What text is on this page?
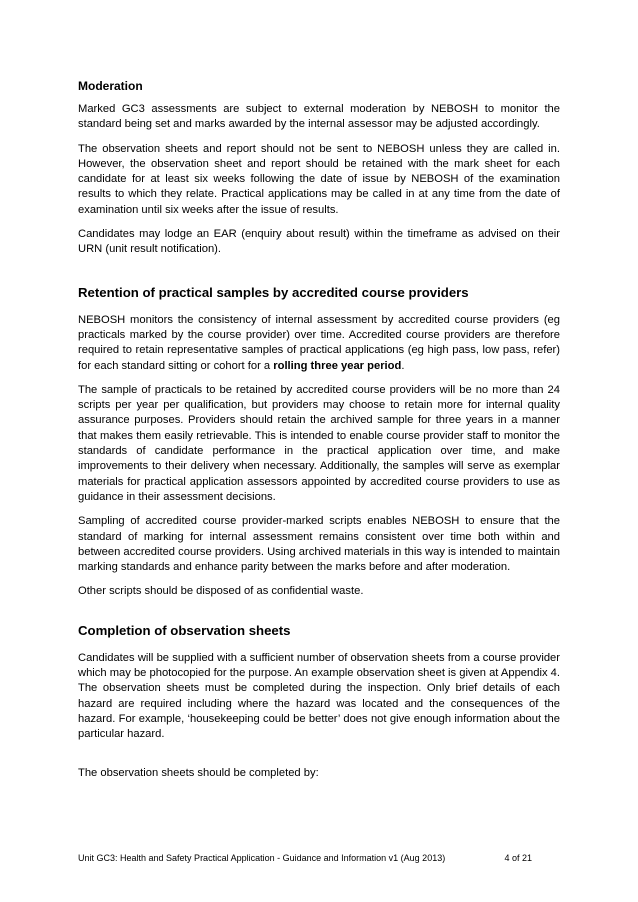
Moderation

Marked GC3 assessments are subject to external moderation by NEBOSH to monitor the standard being set and marks awarded by the internal assessor may be adjusted accordingly.

The observation sheets and report should not be sent to NEBOSH unless they are called in. However, the observation sheet and report should be retained with the mark sheet for each candidate for at least six weeks following the date of issue by NEBOSH of the examination results to which they relate. Practical applications may be called in at any time from the date of examination until six weeks after the issue of results.

Candidates may lodge an EAR (enquiry about result) within the timeframe as advised on their URN (unit result notification).

Retention of practical samples by accredited course providers

NEBOSH monitors the consistency of internal assessment by accredited course providers (eg practicals marked by the course provider) over time. Accredited course providers are therefore required to retain representative samples of practical applications (eg high pass, low pass, refer) for each standard sitting or cohort for a rolling three year period.

The sample of practicals to be retained by accredited course providers will be no more than 24 scripts per year per qualification, but providers may choose to retain more for internal quality assurance purposes. Providers should retain the archived sample for three years in a manner that makes them easily retrievable. This is intended to enable course provider staff to monitor the standards of candidate performance in the practical application over time, and make improvements to their delivery when necessary. Additionally, the samples will serve as exemplar materials for practical application assessors appointed by accredited course providers to use as guidance in their assessment decisions.

Sampling of accredited course provider-marked scripts enables NEBOSH to ensure that the standard of marking for internal assessment remains consistent over time both within and between accredited course providers. Using archived materials in this way is intended to maintain marking standards and enhance parity between the marks before and after moderation.

Other scripts should be disposed of as confidential waste.

Completion of observation sheets

Candidates will be supplied with a sufficient number of observation sheets from a course provider which may be photocopied for the purpose. An example observation sheet is given at Appendix 4. The observation sheets must be completed during the inspection. Only brief details of each hazard are required including where the hazard was located and the consequences of the hazard. For example, ‘housekeeping could be better’ does not give enough information about the particular hazard.

The observation sheets should be completed by:

Unit GC3: Health and Safety Practical Application - Guidance and Information v1 (Aug 2013)	4 of 21
